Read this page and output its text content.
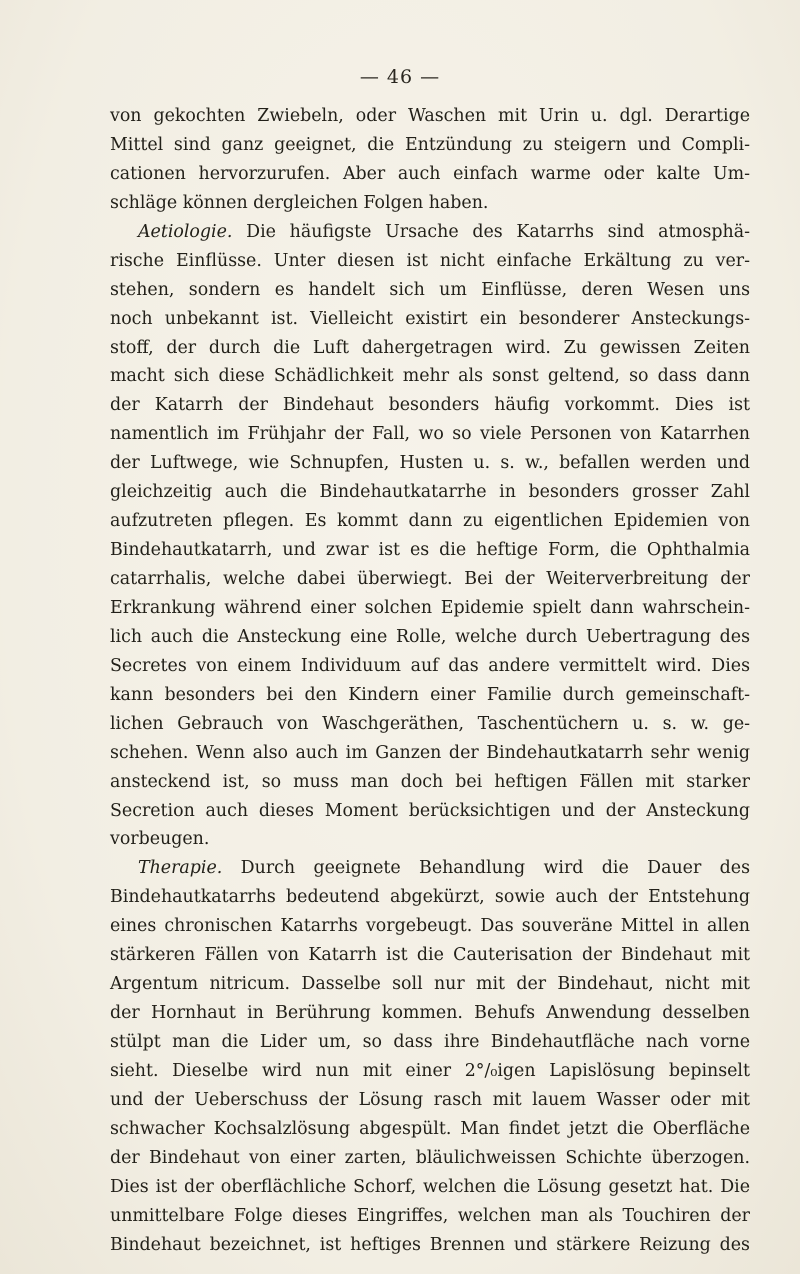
— 46 —
von gekochten Zwiebeln, oder Waschen mit Urin u. dgl. Derartige
Mittel sind ganz geeignet, die Entzündung zu steigern und Compli-
cationen hervorzurufen. Aber auch einfach warme oder kalte Um-
schläge können dergleichen Folgen haben.
Aetiologie. Die häufigste Ursache des Katarrhs sind atmosphä-
rische Einflüsse. Unter diesen ist nicht einfache Erkältung zu ver-
stehen, sondern es handelt sich um Einflüsse, deren Wesen uns
noch unbekannt ist. Vielleicht existirt ein besonderer Ansteckungs-
stoff, der durch die Luft dahergetragen wird. Zu gewissen Zeiten
macht sich diese Schädlichkeit mehr als sonst geltend, so dass dann
der Katarrh der Bindehaut besonders häufig vorkommt. Dies ist
namentlich im Frühjahr der Fall, wo so viele Personen von Katarrhen
der Luftwege, wie Schnupfen, Husten u. s. w., befallen werden und
gleichzeitig auch die Bindehautkatarrhe in besonders grosser Zahl
aufzutreten pflegen. Es kommt dann zu eigentlichen Epidemien von
Bindehautkatarrh, und zwar ist es die heftige Form, die Ophthalmia
catarrhalis, welche dabei überwiegt. Bei der Weiterverbreitung der
Erkrankung während einer solchen Epidemie spielt dann wahrschein-
lich auch die Ansteckung eine Rolle, welche durch Uebertragung des
Secretes von einem Individuum auf das andere vermittelt wird. Dies
kann besonders bei den Kindern einer Familie durch gemeinschaft-
lichen Gebrauch von Waschgeräthen, Taschentüchern u. s. w. ge-
schehen. Wenn also auch im Ganzen der Bindehautkatarrh sehr wenig
ansteckend ist, so muss man doch bei heftigen Fällen mit starker
Secretion auch dieses Moment berücksichtigen und der Ansteckung
vorbeugen.
Therapie. Durch geeignete Behandlung wird die Dauer des
Bindehautkatarrhs bedeutend abgekürzt, sowie auch der Entstehung
eines chronischen Katarrhs vorgebeugt. Das souveräne Mittel in allen
stärkeren Fällen von Katarrh ist die Cauterisation der Bindehaut mit
Argentum nitricum. Dasselbe soll nur mit der Bindehaut, nicht mit
der Hornhaut in Berührung kommen. Behufs Anwendung desselben
stülpt man die Lider um, so dass ihre Bindehautfläche nach vorne
sieht. Dieselbe wird nun mit einer 2°/₀igen Lapislösung bepinselt
und der Ueberschuss der Lösung rasch mit lauem Wasser oder mit
schwacher Kochsalzlösung abgespült. Man findet jetzt die Oberfläche
der Bindehaut von einer zarten, bläulichweissen Schichte überzogen.
Dies ist der oberflächliche Schorf, welchen die Lösung gesetzt hat. Die
unmittelbare Folge dieses Eingriffes, welchen man als Touchiren der
Bindehaut bezeichnet, ist heftiges Brennen und stärkere Reizung des
